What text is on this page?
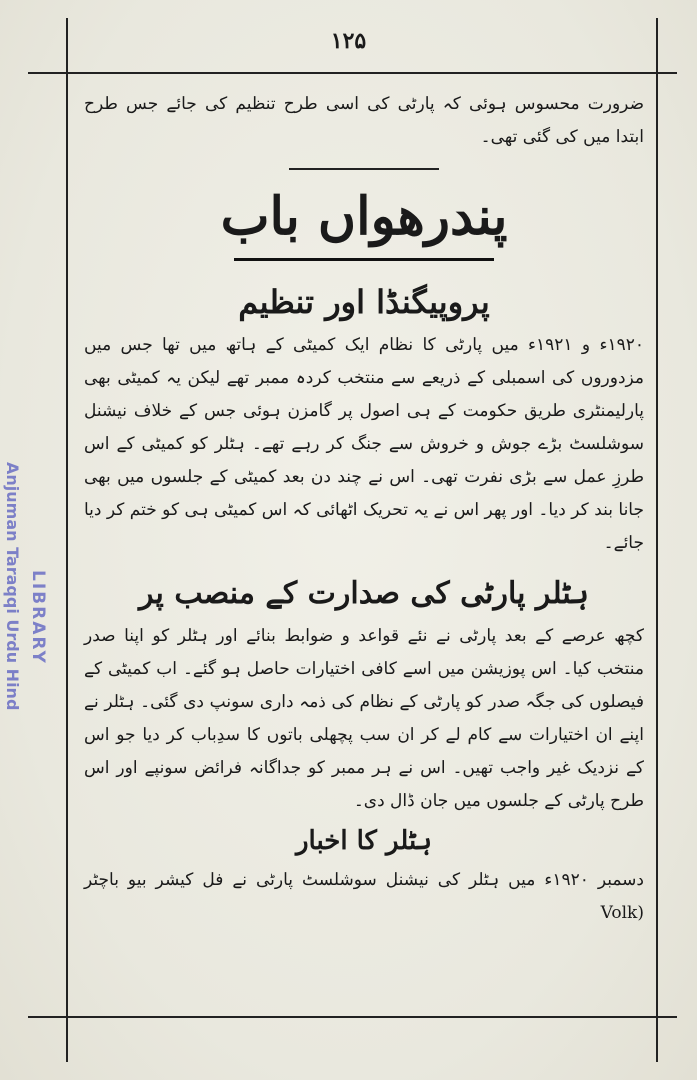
۱۲۵

ضرورت محسوس ہوئی کہ پارٹی کی اسی طرح تنظیم کی جائے جس طرح ابتدا میں کی گئی تھی۔

پندرھواں باب
پروپیگنڈا اور تنظیم

۱۹۲۰ء و ۱۹۲۱ء میں پارٹی کا نظام ایک کمیٹی کے ہاتھ میں تھا جس میں مزدوروں کی اسمبلی کے ذریعے سے منتخب کردہ ممبر تھے لیکن یہ کمیٹی بھی پارلیمنٹری طریق حکومت کے ہی اصول پر گامزن ہوئی جس کے خلاف نیشنل سوشلسٹ بڑے جوش و خروش سے جنگ کر رہے تھے۔ ہٹلر کو کمیٹی کے اس طرزِ عمل سے بڑی نفرت تھی۔ اس نے چند دن بعد کمیٹی کے جلسوں میں بھی جانا بند کر دیا۔ اور پھر اس نے یہ تحریک اٹھائی کہ اس کمیٹی ہی کو ختم کر دیا جائے۔

ہٹلر پارٹی کی صدارت کے منصب پر

کچھ عرصے کے بعد پارٹی نے نئے قواعد و ضوابط بنائے اور ہٹلر کو اپنا صدر منتخب کیا۔ اس پوزیشن میں اسے کافی اختیارات حاصل ہو گئے۔ اب کمیٹی کے فیصلوں کی جگہ صدر کو پارٹی کے نظام کی ذمہ داری سونپ دی گئی۔ ہٹلر نے اپنے ان اختیارات سے کام لے کر ان سب پچھلی باتوں کا سدِباب کر دیا جو اس کے نزدیک غیر واجب تھیں۔ اس نے ہر ممبر کو جداگانہ فرائض سونپے اور اس طرح پارٹی کے جلسوں میں جان ڈال دی۔

ہٹلر کا اخبار

دسمبر ۱۹۲۰ء میں ہٹلر کی نیشنل سوشلسٹ پارٹی نے فل کیشر بیو باچٹر (Volk

Anjuman Taraqqi Urdu Hind LIBRARY
